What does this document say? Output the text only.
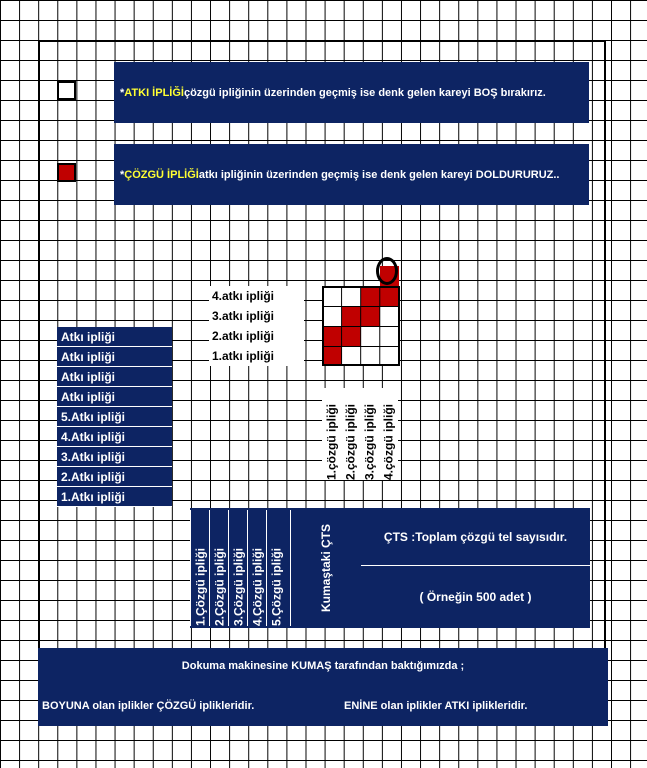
* ATKI İPLİĞİ çözgü ipliğinin üzerinden geçmiş ise denk gelen kareyi BOŞ bırakırız.
* ÇÖZGÜ İPLİĞİ atkı ipliğinin üzerinden geçmiş ise denk gelen kareyi DOLDURURUZ..
4.atkı ipliği
3.atkı ipliği
2.atkı ipliği
1.atkı ipliği
1.çözgü ipliği 2.çözgü ipliği 3.çözgü ipliği 4.çözgü ipliği
Atkı ipliği
Atkı ipliği
Atkı ipliği
Atkı ipliği
5.Atkı ipliği
4.Atkı ipliği
3.Atkı ipliği
2.Atkı ipliği
1.Atkı ipliği
1.Çözgü ipliği 2.Çözgü ipliği 3.Çözgü ipliği 4.Çözgü ipliği 5.Çözgü ipliği	Kumaştaki ÇTS	ÇTS :Toplam çözgü tel sayısıdır.
( Örneğin 500 adet )
Dokuma makinesine KUMAŞ tarafından baktığımızda ;
BOYUNA olan iplikler ÇÖZGÜ iplikleridir.	ENİNE olan iplikler ATKI iplikleridir.
